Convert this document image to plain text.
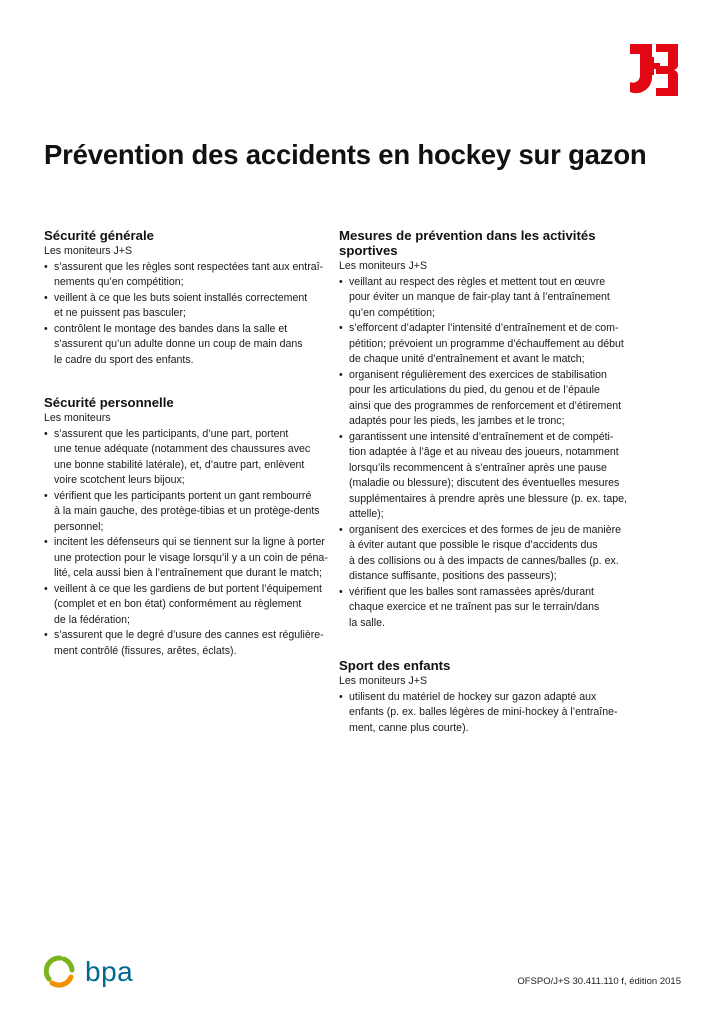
Prévention des accidents en hockey sur gazon
Sécurité générale

Les moniteurs J+S

• s’assurent que les règles sont respectées tant aux entraî-
nements qu’en compétition;
• veillent à ce que les buts soient installés correctement
et ne puissent pas basculer;
• contrôlent le montage des bandes dans la salle et
s’assurent qu’un adulte donne un coup de main dans
le cadre du sport des enfants.
Sécurité personnelle

Les moniteurs

• s’assurent que les participants, d’une part, portent
une tenue adéquate (notamment des chaussures avec
une bonne stabilité latérale), et, d’autre part, enlèvent
voire scotchent leurs bijoux;
• vérifient que les participants portent un gant rembourré
à la main gauche, des protège-tibias et un protège-dents
personnel;
• incitent les défenseurs qui se tiennent sur la ligne à porter
une protection pour le visage lorsqu’il y a un coin de péna-
lité, cela aussi bien à l’entraînement que durant le match;
• veillent à ce que les gardiens de but portent l’équipement
(complet et en bon état) conformément au règlement
de la fédération;
• s’assurent que le degré d’usure des cannes est régulière-
ment contrôlé (fissures, arêtes, éclats).
Mesures de prévention dans les activités
sportives

Les moniteurs J+S

• veillant au respect des règles et mettent tout en œuvre
pour éviter un manque de fair-play tant à l’entraînement
qu’en compétition;
• s’efforcent d’adapter l’intensité d’entraînement et de com-
pétition; prévoient un programme d’échauffement au début
de chaque unité d’entraînement et avant le match;
• organisent régulièrement des exercices de stabilisation
pour les articulations du pied, du genou et de l’épaule
ainsi que des programmes de renforcement et d’étirement
adaptés pour les pieds, les jambes et le tronc;
• garantissent une intensité d’entraînement et de compéti-
tion adaptée à l’âge et au niveau des joueurs, notamment
lorsqu’ils recommencent à s’entraîner après une pause
(maladie ou blessure); discutent des éventuelles mesures
supplémentaires à prendre après une blessure (p. ex. tape,
attelle);
• organisent des exercices et des formes de jeu de manière
à éviter autant que possible le risque d’accidents dus
à des collisions ou à des impacts de cannes/balles (p. ex.
distance suffisante, positions des passeurs);
• vérifient que les balles sont ramassées après/durant
chaque exercice et ne traînent pas sur le terrain/dans
la salle.
Sport des enfants

Les moniteurs J+S

• utilisent du matériel de hockey sur gazon adapté aux
enfants (p. ex. balles légères de mini-hockey à l’entraîne-
ment, canne plus courte).
bpa	OFSPO/J+S 30.411.110 f, édition 2015
